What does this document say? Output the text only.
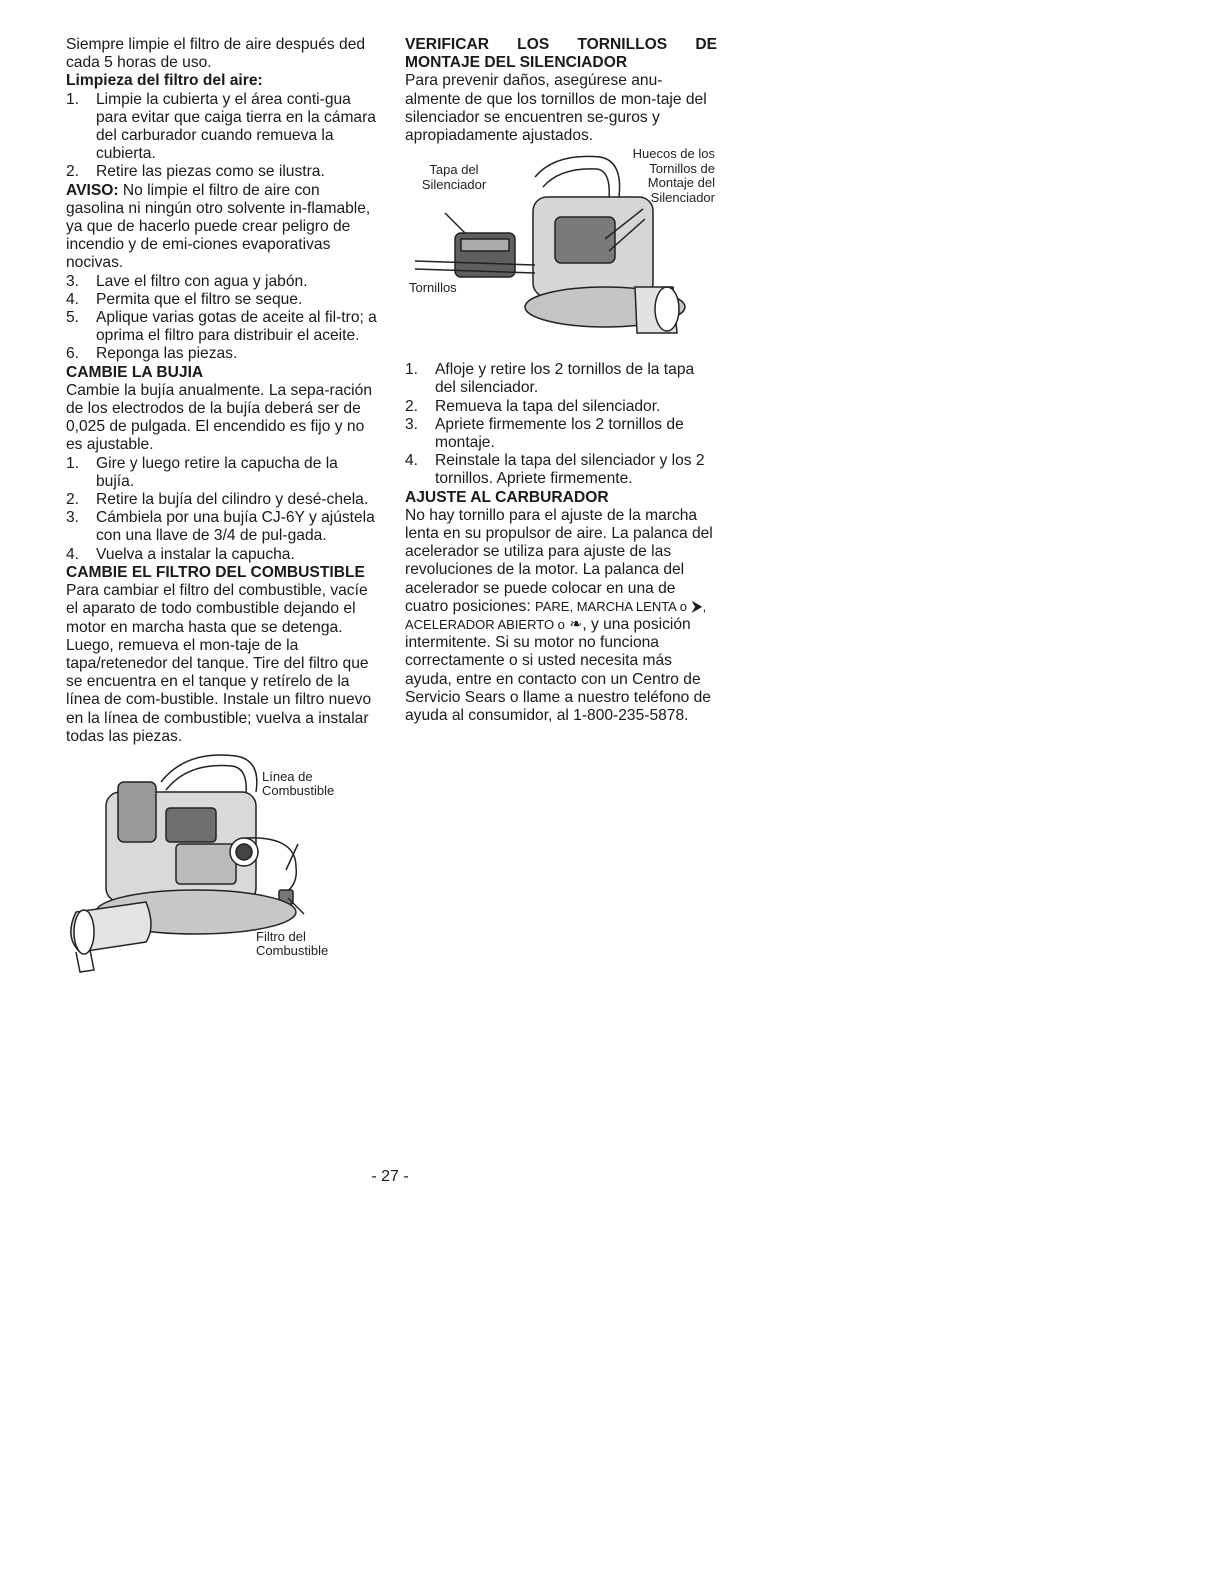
Siempre limpie el filtro de aire después ded cada 5 horas de uso.

Limpieza del filtro del aire:

1. Limpie la cubierta y el área conti-gua para evitar que caiga tierra en la cámara del carburador cuando remueva la cubierta.
2. Retire las piezas como se ilustra.

AVISO: No limpie el filtro de aire con gasolina ni ningún otro solvente in-flamable, ya que de hacerlo puede crear peligro de incendio y de emi-ciones evaporativas nocivas.

3. Lave el filtro con agua y jabón.
4. Permita que el filtro se seque.
5. Aplique varias gotas de aceite al fil-tro; a oprima el filtro para distribuir el aceite.
6. Reponga las piezas.

CAMBIE LA BUJIA

Cambie la bujía anualmente. La sepa-ración de los electrodos de la bujía deberá ser de 0,025 de pulgada. El encendido es fijo y no es ajustable.

1. Gire y luego retire la capucha de la bujía.
2. Retire la bujía del cilindro y desé-chela.
3. Cámbiela por una bujía CJ-6Y y ajústela con una llave de 3/4 de pul-gada.
4. Vuelva a instalar la capucha.

CAMBIE EL FILTRO DEL COMBUSTIBLE

Para cambiar el filtro del combustible, vacíe el aparato de todo combustible dejando el motor en marcha hasta que se detenga. Luego, remueva el mon-taje de la tapa/retenedor del tanque. Tire del filtro que se encuentra en el tanque y retírelo de la línea de com-bustible. Instale un filtro nuevo en la línea de combustible; vuelva a instalar todas las piezas.

Línea de Combustible
Filtro del Combustible

VERIFICAR LOS TORNILLOS DE MONTAJE DEL SILENCIADOR

Para prevenir daños, asegúrese anu-almente de que los tornillos de mon-taje del silenciador se encuentren se-guros y apropiadamente ajustados.

Huecos de los Tornillos de Montaje del Silenciador
Tapa del Silenciador
Tornillos
1. Afloje y retire los 2 tornillos de la tapa del silenciador.
2. Remueva la tapa del silenciador.
3. Apriete firmemente los 2 tornillos de montaje.
4. Reinstale la tapa del silenciador y los 2 tornillos. Apriete firmemente.

AJUSTE AL CARBURADOR

No hay tornillo para el ajuste de la marcha lenta en su propulsor de aire. La palanca del acelerador se utiliza para ajuste de las revoluciones de la motor. La palanca del acelerador se puede colocar en una de cuatro posiciones: PARE, MARCHA LENTA o ⮞, ACELERADOR ABIERTO o ❧, y una posición intermitente. Si su motor no funciona correctamente o si usted necesita más ayuda, entre en contacto con un Centro de Servicio Sears o llame a nuestro teléfono de ayuda al consumidor, al 1-800-235-5878.

- 27 -
